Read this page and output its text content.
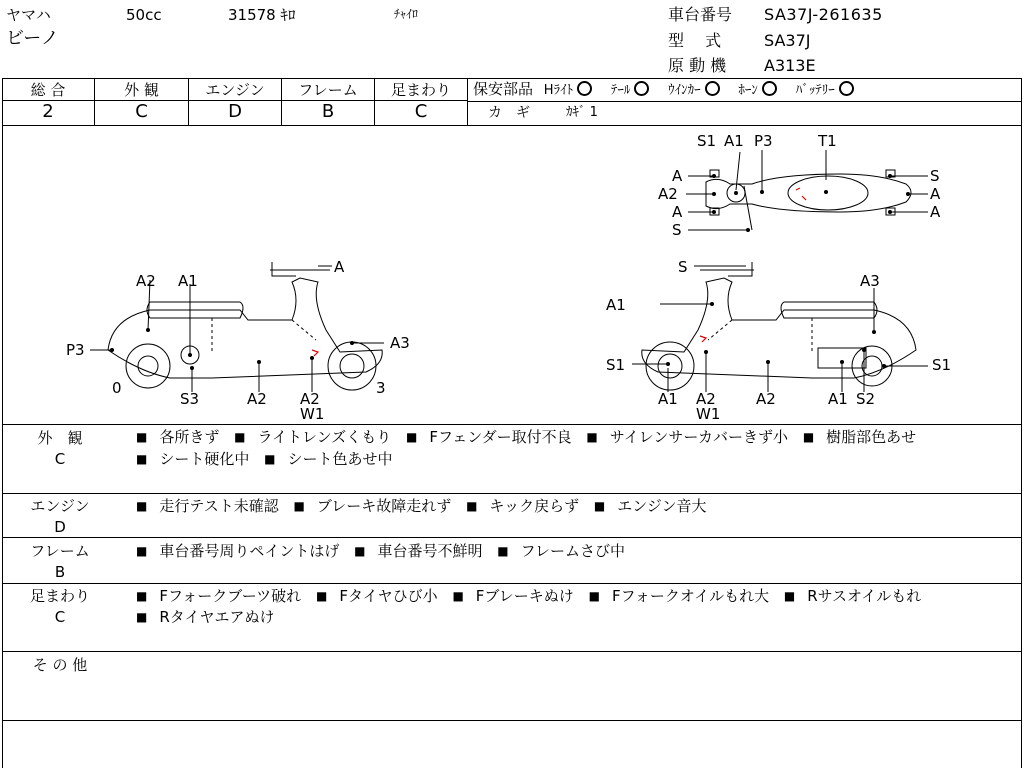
ヤマハ	50cc	31578 ｷﾛ	ﾁｬｲﾛ
ビーノ
車台番号 SA37J-261635
型　 式	SA37J
原 動 機 A313E
総 合	外 観	エンジン	フレーム	足まわり
2	C	D	B	C
保安部品 Hﾗｲﾄ ○ ﾃｰﾙ ○ ｳｲﾝｶｰ ○ ﾎｰﾝ ○ ﾊﾞｯﾃﾘｰ
カ　ギ	ｶｷﾞ 1
S1 A1 P3	T1
A
A2
A
S
S
A
A
A2 A1
A
P3	A3
0
S3	A2 A2
W1
3
S
A3
A1
S1	S1
A1 A2
W1
A2	A1 S2
外　観
C
■ 各所きず	■ ライトレンズくもり	■ Fフェンダー取付不良	■ サイレンサーカバーきず小	■ 樹脂部色あせ
■ シート硬化中	■ シート色あせ中
エンジン
D
■ 走行テスト未確認	■ ブレーキ故障走れず	■ キック戻らず	■ エンジン音大
フレーム
B
■ 車台番号周りペイントはげ	■ 車台番号不鮮明	■ フレームさび中
足まわり
C
■ Fフォークブーツ破れ	■ Fタイヤひび小	■ Fブレーキぬけ	■ Fフォークオイルもれ大	■ Rサスオイルもれ
■ Rタイヤエアぬけ
そ の 他
